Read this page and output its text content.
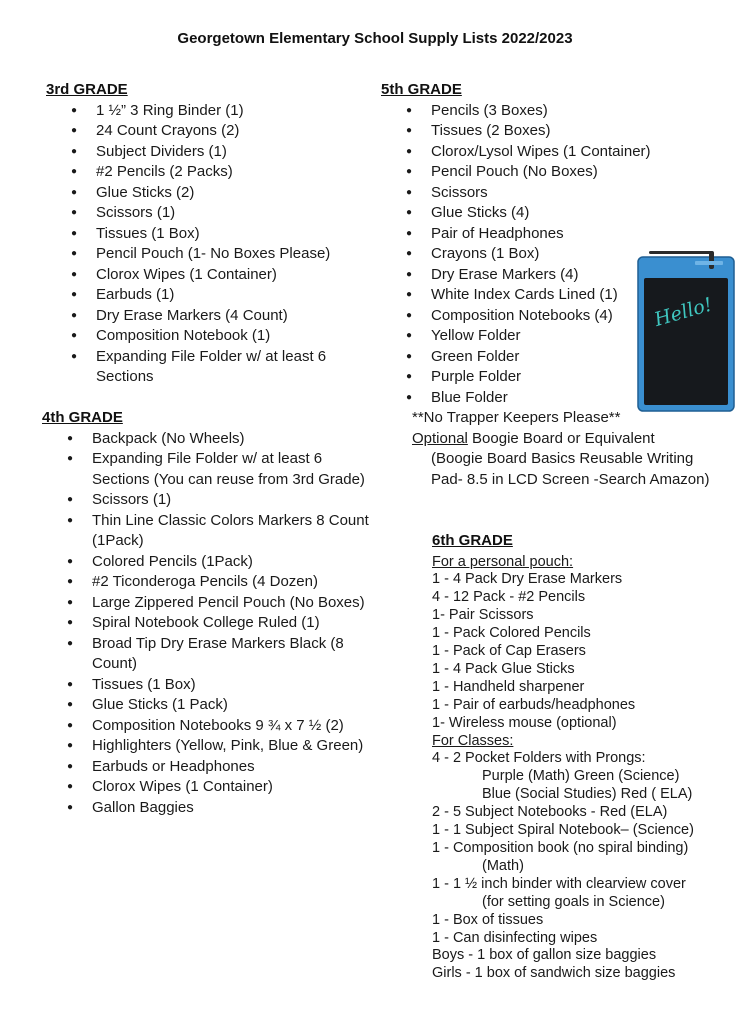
Georgetown Elementary School Supply Lists 2022/2023
3rd GRADE
● 1 ½” 3 Ring Binder (1)
● 24 Count Crayons (2)
● Subject Dividers (1)
● #2 Pencils (2 Packs)
● Glue Sticks (2)
● Scissors (1)
● Tissues (1 Box)
● Pencil Pouch (1- No Boxes Please)
● Clorox Wipes (1 Container)
● Earbuds (1)
● Dry Erase Markers (4 Count)
● Composition Notebook (1)
● Expanding File Folder w/ at least 6 Sections
4th GRADE
● Backpack (No Wheels)
● Expanding File Folder w/ at least 6 Sections (You can reuse from 3rd Grade)
● Scissors (1)
● Thin Line Classic Colors Markers 8 Count (1Pack)
● Colored Pencils (1Pack)
● #2 Ticonderoga Pencils (4 Dozen)
● Large Zippered Pencil Pouch (No Boxes)
● Spiral Notebook College Ruled (1)
● Broad Tip Dry Erase Markers Black (8 Count)
● Tissues (1 Box)
● Glue Sticks (1 Pack)
● Composition Notebooks 9 ¾ x 7 ½ (2)
● Highlighters (Yellow, Pink, Blue & Green)
● Earbuds or Headphones
● Clorox Wipes (1 Container)
● Gallon Baggies
5th GRADE
● Pencils (3 Boxes)
● Tissues (2 Boxes)
● Clorox/Lysol Wipes (1 Container)
● Pencil Pouch (No Boxes)
● Scissors
● Glue Sticks (4)
● Pair of Headphones
● Crayons (1 Box)
● Dry Erase Markers (4)
● White Index Cards Lined (1)
● Composition Notebooks (4)
● Yellow Folder
● Green Folder
● Purple Folder
● Blue Folder
**No Trapper Keepers Please**
Optional Boogie Board or Equivalent
(Boogie Board Basics Reusable Writing Pad- 8.5 in LCD Screen -Search Amazon)
6th GRADE
For a personal pouch:
1 - 4 Pack Dry Erase Markers
4 - 12 Pack - #2 Pencils
1- Pair Scissors
1 - Pack Colored Pencils
1 - Pack of Cap Erasers
1 - 4 Pack Glue Sticks
1 - Handheld sharpener
1 - Pair of earbuds/headphones
1- Wireless mouse (optional)
For Classes:
4 - 2 Pocket Folders with Prongs:
Purple (Math) Green (Science)
Blue (Social Studies) Red ( ELA)
2 - 5 Subject Notebooks - Red (ELA)
1 - 1 Subject Spiral Notebook– (Science)
1 - Composition book (no spiral binding)
(Math)
1 - 1 ½ inch binder with clearview cover
(for setting goals in Science)
1 - Box of tissues
1 - Can disinfecting wipes
Boys - 1 box of gallon size baggies
Girls - 1 box of sandwich size baggies
Hello!
